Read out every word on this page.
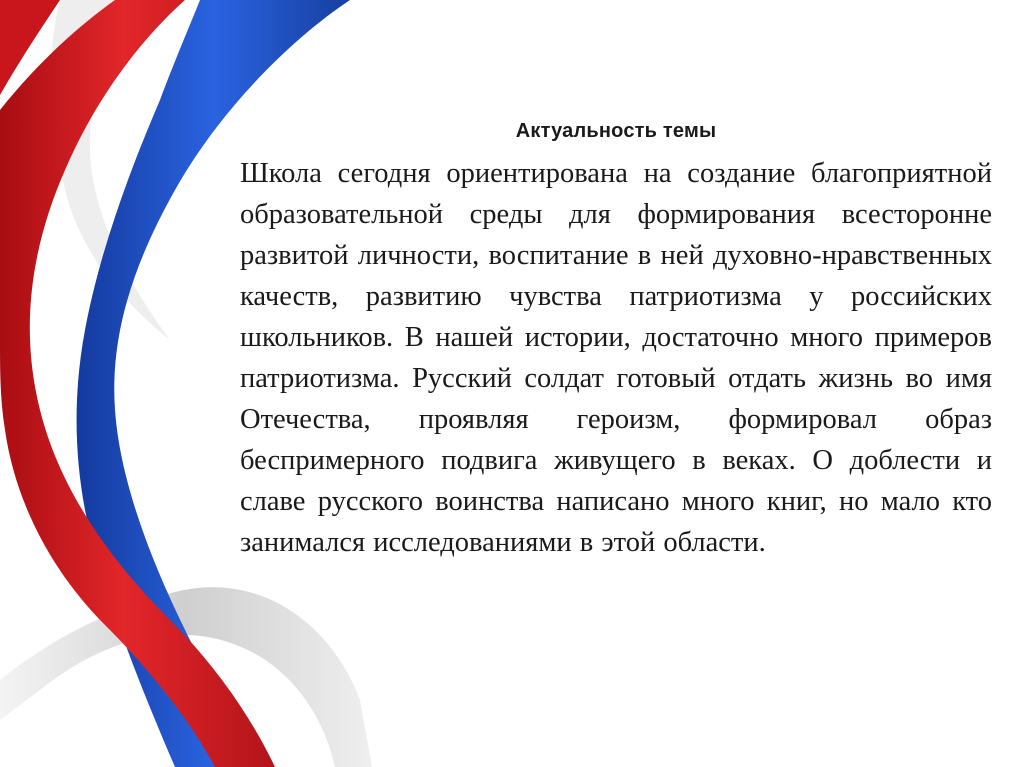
Актуальность темы

Школа сегодня ориентирована на создание благоприятной образовательной среды для формирования всесторонне развитой личности, воспитание в ней духовно-нравственных качеств, развитию чувства патриотизма у российских школьников. В нашей истории, достаточно много примеров патриотизма. Русский солдат готовый отдать жизнь во имя Отечества, проявляя героизм, формировал образ беспримерного подвига живущего в веках. О доблести и славе русского воинства написано много книг, но мало кто занимался исследованиями в этой области.
